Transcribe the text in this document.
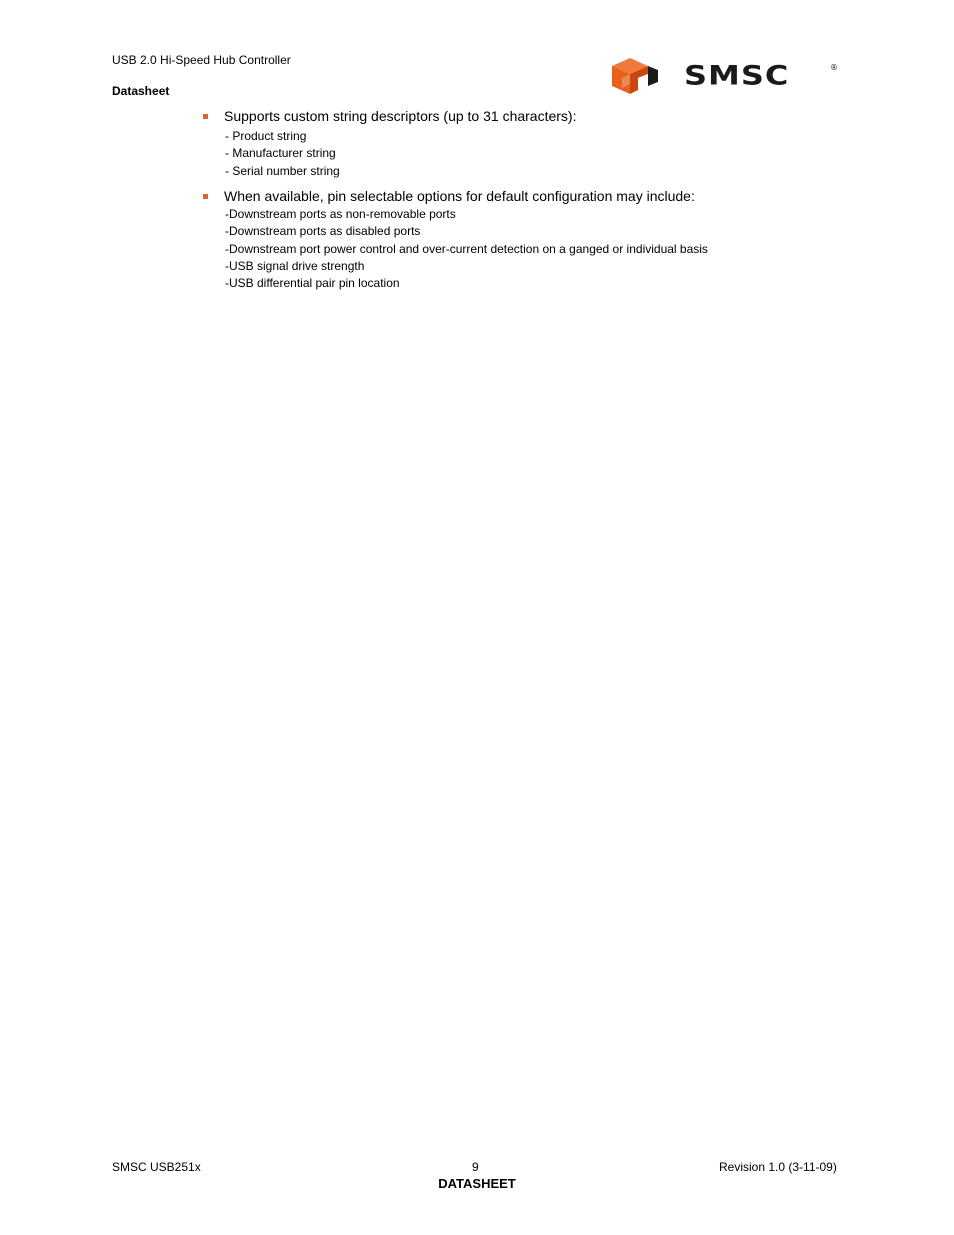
USB 2.0 Hi-Speed Hub Controller
Datasheet
SMSC	®
Supports custom string descriptors (up to 31 characters):
- Product string
- Manufacturer string
- Serial number string
When available, pin selectable options for default configuration may include:
-Downstream ports as non-removable ports
-Downstream ports as disabled ports
-Downstream port power control and over-current detection on a ganged or individual basis
-USB signal drive strength
-USB differential pair pin location
SMSC USB251x	9	Revision 1.0 (3-11-09)
DATASHEET
